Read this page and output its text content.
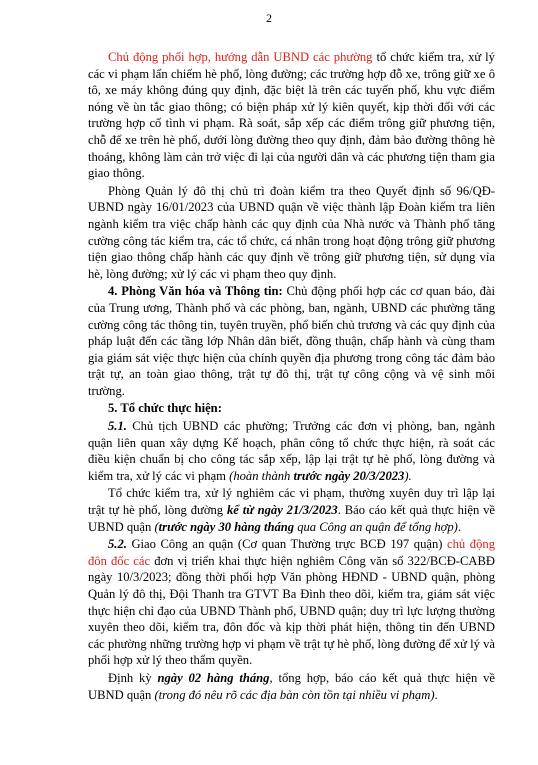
2

Chủ động phối hợp, hướng dẫn UBND các phường tổ chức kiểm tra, xử lý các vi phạm lấn chiếm hè phố, lòng đường; các trường hợp đỗ xe, trông giữ xe ô tô, xe máy không đúng quy định, đặc biệt là trên các tuyến phố, khu vực điểm nóng về ùn tắc giao thông; có biện pháp xử lý kiên quyết, kịp thời đối với các trường hợp cố tình vi phạm. Rà soát, sắp xếp các điểm trông giữ phương tiện, chỗ để xe trên hè phố, dưới lòng đường theo quy định, đảm bảo đường thông hè thoáng, không làm cản trở việc đi lại của người dân và các phương tiện tham gia giao thông.

Phòng Quản lý đô thị chủ trì đoàn kiểm tra theo Quyết định số 96/QĐ-UBND ngày 16/01/2023 của UBND quận về việc thành lập Đoàn kiểm tra liên ngành kiểm tra việc chấp hành các quy định của Nhà nước và Thành phố tăng cường công tác kiểm tra, các tổ chức, cá nhân trong hoạt động trông giữ phương tiện giao thông chấp hành các quy định về trông giữ phương tiện, sử dụng vỉa hè, lòng đường; xử lý các vi phạm theo quy định.

4. Phòng Văn hóa và Thông tin: Chủ động phối hợp các cơ quan báo, đài của Trung ương, Thành phố và các phòng, ban, ngành, UBND các phường tăng cường công tác thông tin, tuyên truyền, phổ biến chủ trương và các quy định của pháp luật đến các tầng lớp Nhân dân biết, đồng thuận, chấp hành và cùng tham gia giám sát việc thực hiện của chính quyền địa phương trong công tác đảm bảo trật tự, an toàn giao thông, trật tự đô thị, trật tự công cộng và vệ sinh môi trường.

5. Tổ chức thực hiện:

5.1. Chủ tịch UBND các phường; Trưởng các đơn vị phòng, ban, ngành quận liên quan xây dựng Kế hoạch, phân công tổ chức thực hiện, rà soát các điều kiện chuẩn bị cho công tác sắp xếp, lập lại trật tự hè phố, lòng đường và kiểm tra, xử lý các vi phạm (hoàn thành trước ngày 20/3/2023).

Tổ chức kiểm tra, xử lý nghiêm các vi phạm, thường xuyên duy trì lập lại trật tự hè phố, lòng đường kể từ ngày 21/3/2023. Báo cáo kết quả thực hiện về UBND quận (trước ngày 30 hàng tháng qua Công an quận để tổng hợp).

5.2. Giao Công an quận (Cơ quan Thường trực BCĐ 197 quận) chủ động đôn đốc các đơn vị triển khai thực hiện nghiêm Công văn số 322/BCĐ-CABĐ ngày 10/3/2023; đồng thời phối hợp Văn phòng HĐND - UBND quận, phòng Quản lý đô thị, Đội Thanh tra GTVT Ba Đình theo dõi, kiểm tra, giám sát việc thực hiện chỉ đạo của UBND Thành phố, UBND quận; duy trì lực lượng thường xuyên theo dõi, kiểm tra, đôn đốc và kịp thời phát hiện, thông tin đến UBND các phường những trường hợp vi phạm về trật tự hè phố, lòng đường để xử lý và phối hợp xử lý theo thẩm quyền.

Định kỳ ngày 02 hàng tháng, tổng hợp, báo cáo kết quả thực hiện về UBND quận (trong đó nêu rõ các địa bàn còn tồn tại nhiều vi phạm).
